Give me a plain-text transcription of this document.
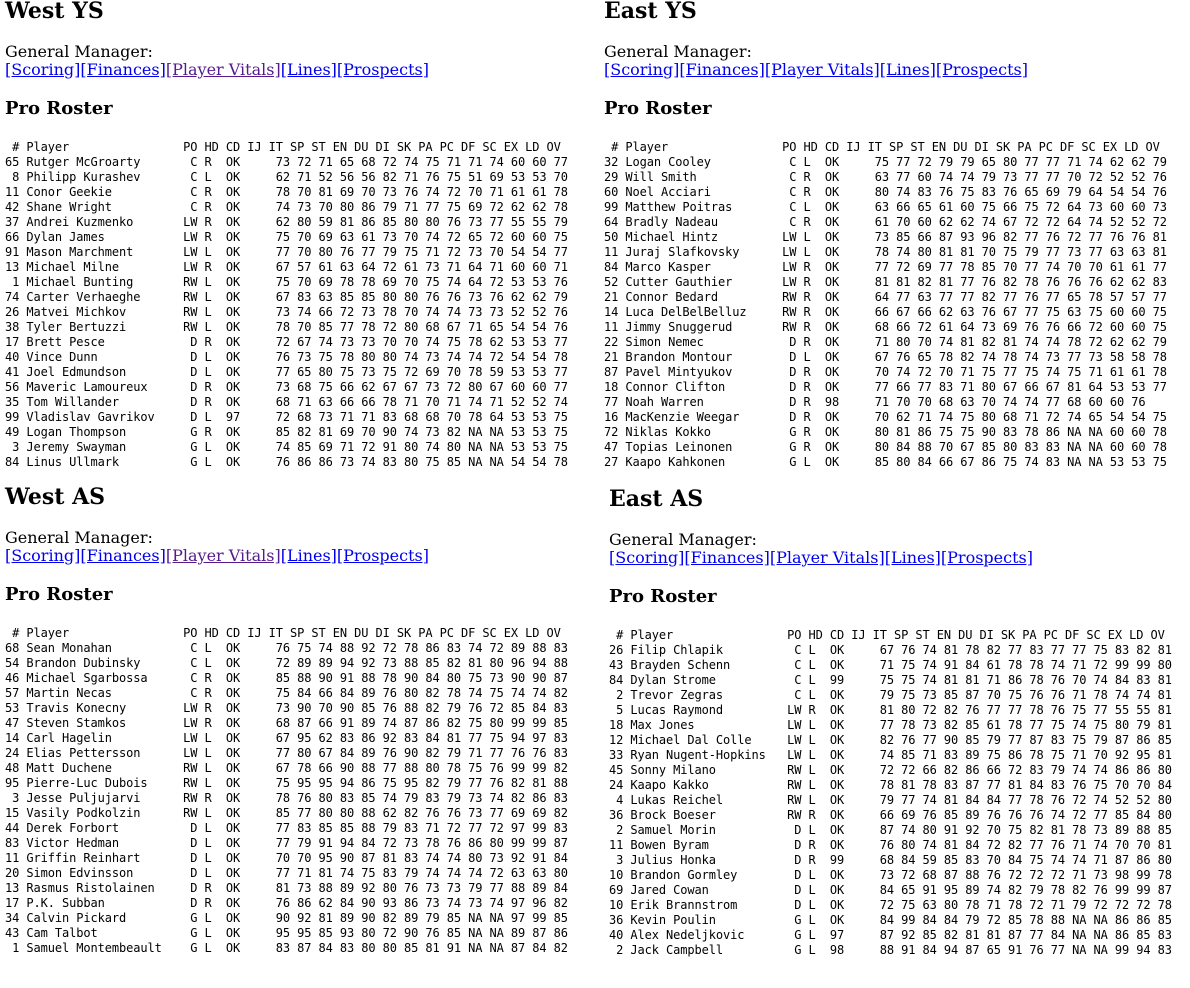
West YS
General Manager:
[Scoring][Finances][Player Vitals][Lines][Prospects]
Pro Roster
# Player                PO HD CD IJ IT SP ST EN DU DI SK PA PC DF SC EX LD OV
65 Rutger McGroarty       C R  OK     73 72 71 65 68 72 74 75 71 71 74 60 60 77
8 Philipp Kurashev       C L  OK     62 71 52 56 56 82 71 76 75 51 69 53 53 70
11 Conor Geekie           C R  OK     78 70 81 69 70 73 76 74 72 70 71 61 61 78
42 Shane Wright           C R  OK     74 73 70 80 86 79 71 77 75 69 72 62 62 78
37 Andrei Kuzmenko       LW R  OK     62 80 59 81 86 85 80 80 76 73 77 55 55 79
66 Dylan James           LW R  OK     75 70 69 63 61 73 70 74 72 65 72 60 60 75
91 Mason Marchment       LW L  OK     77 70 80 76 77 79 75 71 72 73 70 54 54 77
13 Michael Milne         LW R  OK     67 57 61 63 64 72 61 73 71 64 71 60 60 71
1 Michael Bunting       RW L  OK     75 70 69 78 78 69 70 75 74 64 72 53 53 76
74 Carter Verhaeghe      RW L  OK     67 83 63 85 85 80 80 76 76 73 76 62 62 79
26 Matvei Michkov        RW L  OK     73 74 66 72 73 78 70 74 74 73 73 52 52 76
38 Tyler Bertuzzi        RW L  OK     78 70 85 77 78 72 80 68 67 71 65 54 54 76
17 Brett Pesce            D R  OK     72 67 74 73 73 70 70 74 75 78 62 53 53 77
40 Vince Dunn             D L  OK     76 73 75 78 80 80 74 73 74 74 72 54 54 78
41 Joel Edmundson         D L  OK     77 65 80 75 73 75 72 69 70 78 59 53 53 77
56 Maveric Lamoureux      D R  OK     73 68 75 66 62 67 67 73 72 80 67 60 60 77
35 Tom Willander          D R  OK     68 71 63 66 66 78 71 70 71 74 71 52 52 74
99 Vladislav Gavrikov     D L  97     72 68 73 71 71 83 68 68 70 78 64 53 53 75
49 Logan Thompson         G R  OK     85 82 81 69 70 90 74 73 82 NA NA 53 53 75
3 Jeremy Swayman         G L  OK     74 85 69 71 72 91 80 74 80 NA NA 53 53 75
84 Linus Ullmark          G L  OK     76 86 86 73 74 83 80 75 85 NA NA 54 54 78
East YS
General Manager:
[Scoring][Finances][Player Vitals][Lines][Prospects]
Pro Roster
# Player                PO HD CD IJ IT SP ST EN DU DI SK PA PC DF SC EX LD OV
32 Logan Cooley           C L  OK     75 77 72 79 79 65 80 77 77 71 74 62 62 79
29 Will Smith             C R  OK     63 77 60 74 74 79 73 77 77 70 72 52 52 76
60 Noel Acciari           C R  OK     80 74 83 76 75 83 76 65 69 79 64 54 54 76
99 Matthew Poitras        C L  OK     63 66 65 61 60 75 66 75 72 64 73 60 60 73
64 Bradly Nadeau          C R  OK     61 70 60 62 62 74 67 72 72 64 74 52 52 72
50 Michael Hintz         LW L  OK     73 85 66 87 93 96 82 77 76 72 77 76 76 81
11 Juraj Slafkovsky      LW L  OK     78 74 80 81 81 70 75 79 77 73 77 63 63 81
84 Marco Kasper          LW R  OK     77 72 69 77 78 85 70 77 74 70 70 61 61 77
52 Cutter Gauthier       LW R  OK     81 81 82 81 77 76 82 78 76 76 76 62 62 83
21 Connor Bedard         RW R  OK     64 77 63 77 77 82 77 76 77 65 78 57 57 77
14 Luca DelBelBelluz     RW R  OK     66 67 66 62 63 76 67 77 75 63 75 60 60 75
11 Jimmy Snuggerud       RW R  OK     68 66 72 61 64 73 69 76 76 66 72 60 60 75
22 Simon Nemec            D R  OK     71 80 70 74 81 82 81 74 74 78 72 62 62 79
21 Brandon Montour        D L  OK     67 76 65 78 82 74 78 74 73 77 73 58 58 78
87 Pavel Mintyukov        D R  OK     70 74 72 70 71 75 77 75 74 75 71 61 61 78
18 Connor Clifton         D R  OK     77 66 77 83 71 80 67 66 67 81 64 53 53 77
77 Noah Warren            D R  98     71 70 70 68 63 70 74 74 77 68 60 60 76
16 MacKenzie Weegar       D R  OK     70 62 71 74 75 80 68 71 72 74 65 54 54 75
72 Niklas Kokko           G R  OK     80 81 86 75 75 90 83 78 86 NA NA 60 60 78
47 Topias Leinonen        G R  OK     80 84 88 70 67 85 80 83 83 NA NA 60 60 78
27 Kaapo Kahkonen         G L  OK     85 80 84 66 67 86 75 74 83 NA NA 53 53 75
West AS
General Manager:
[Scoring][Finances][Player Vitals][Lines][Prospects]
Pro Roster
# Player                PO HD CD IJ IT SP ST EN DU DI SK PA PC DF SC EX LD OV
68 Sean Monahan           C L  OK     76 75 74 88 92 72 78 86 83 74 72 89 88 83
54 Brandon Dubinsky       C L  OK     72 89 89 94 92 73 88 85 82 81 80 96 94 88
46 Michael Sgarbossa      C R  OK     85 88 90 91 88 78 90 84 80 75 73 90 90 87
57 Martin Necas           C R  OK     75 84 66 84 89 76 80 82 78 74 75 74 74 82
53 Travis Konecny        LW R  OK     73 90 70 90 85 76 88 82 79 76 72 85 84 83
47 Steven Stamkos        LW R  OK     68 87 66 91 89 74 87 86 82 75 80 99 99 85
14 Carl Hagelin          LW L  OK     67 95 62 83 86 92 83 84 81 77 75 94 97 83
24 Elias Pettersson      LW L  OK     77 80 67 84 89 76 90 82 79 71 77 76 76 83
48 Matt Duchene          RW L  OK     67 78 66 90 88 77 88 80 78 75 76 99 99 82
95 Pierre-Luc Dubois     RW L  OK     75 95 95 94 86 75 95 82 79 77 76 82 81 88
3 Jesse Puljujarvi      RW R  OK     78 76 80 83 85 74 79 83 79 73 74 82 86 83
15 Vasily Podkolzin      RW L  OK     85 77 80 80 88 62 82 76 76 73 77 69 69 82
44 Derek Forbort          D L  OK     77 83 85 85 88 79 83 71 72 77 72 97 99 83
83 Victor Hedman          D L  OK     77 79 91 94 84 72 73 78 76 86 80 99 99 87
11 Griffin Reinhart       D L  OK     70 70 95 90 87 81 83 74 74 80 73 92 91 84
20 Simon Edvinsson        D L  OK     77 71 81 74 75 83 79 74 74 74 72 63 63 80
13 Rasmus Ristolainen     D R  OK     81 73 88 89 92 80 76 73 73 79 77 88 89 84
17 P.K. Subban            D R  OK     76 86 62 84 90 93 86 73 74 73 74 97 96 82
34 Calvin Pickard         G L  OK     90 92 81 89 90 82 89 79 85 NA NA 97 99 85
43 Cam Talbot             G L  OK     95 95 85 93 80 72 90 76 85 NA NA 89 87 86
1 Samuel Montembeault    G L  OK     83 87 84 83 80 80 85 81 91 NA NA 87 84 82
East AS
General Manager:
[Scoring][Finances][Player Vitals][Lines][Prospects]
Pro Roster
# Player                PO HD CD IJ IT SP ST EN DU DI SK PA PC DF SC EX LD OV
26 Filip Chlapik          C L  OK     67 76 74 81 78 82 77 83 77 77 75 83 82 81
43 Brayden Schenn         C L  OK     71 75 74 91 84 61 78 78 74 71 72 99 99 80
84 Dylan Strome           C L  99     75 75 74 81 81 71 86 78 76 70 74 84 83 81
2 Trevor Zegras          C L  OK     79 75 73 85 87 70 75 76 76 71 78 74 74 81
5 Lucas Raymond         LW R  OK     81 80 72 82 76 77 77 78 76 75 77 55 55 81
18 Max Jones             LW L  OK     77 78 73 82 85 61 78 77 75 74 75 80 79 81
12 Michael Dal Colle     LW L  OK     82 76 77 90 85 79 77 87 83 75 79 87 86 85
33 Ryan Nugent-Hopkins   LW L  OK     74 85 71 83 89 75 86 78 75 71 70 92 95 81
45 Sonny Milano          RW L  OK     72 72 66 82 86 66 72 83 79 74 74 86 86 80
24 Kaapo Kakko           RW L  OK     78 81 78 83 87 77 81 84 83 76 75 70 70 84
4 Lukas Reichel         RW L  OK     79 77 74 81 84 84 77 78 76 72 74 52 52 80
36 Brock Boeser          RW R  OK     66 69 76 85 89 76 76 76 74 72 77 85 84 80
2 Samuel Morin           D L  OK     87 74 80 91 92 70 75 82 81 78 73 89 88 85
11 Bowen Byram            D R  OK     76 80 74 81 84 72 82 77 76 71 74 70 70 81
3 Julius Honka           D R  99     68 84 59 85 83 70 84 75 74 74 71 87 86 80
10 Brandon Gormley        D L  OK     73 72 68 87 88 76 72 72 72 71 73 98 99 78
69 Jared Cowan            D L  OK     84 65 91 95 89 74 82 79 78 82 76 99 99 87
10 Erik Brannstrom        D L  OK     72 75 63 80 78 71 78 72 71 79 72 72 72 78
36 Kevin Poulin           G L  OK     84 99 84 84 79 72 85 78 88 NA NA 86 86 85
40 Alex Nedeljkovic       G L  97     87 92 85 82 81 81 87 77 84 NA NA 86 85 83
2 Jack Campbell          G L  98     88 91 84 94 87 65 91 76 77 NA NA 99 94 83
